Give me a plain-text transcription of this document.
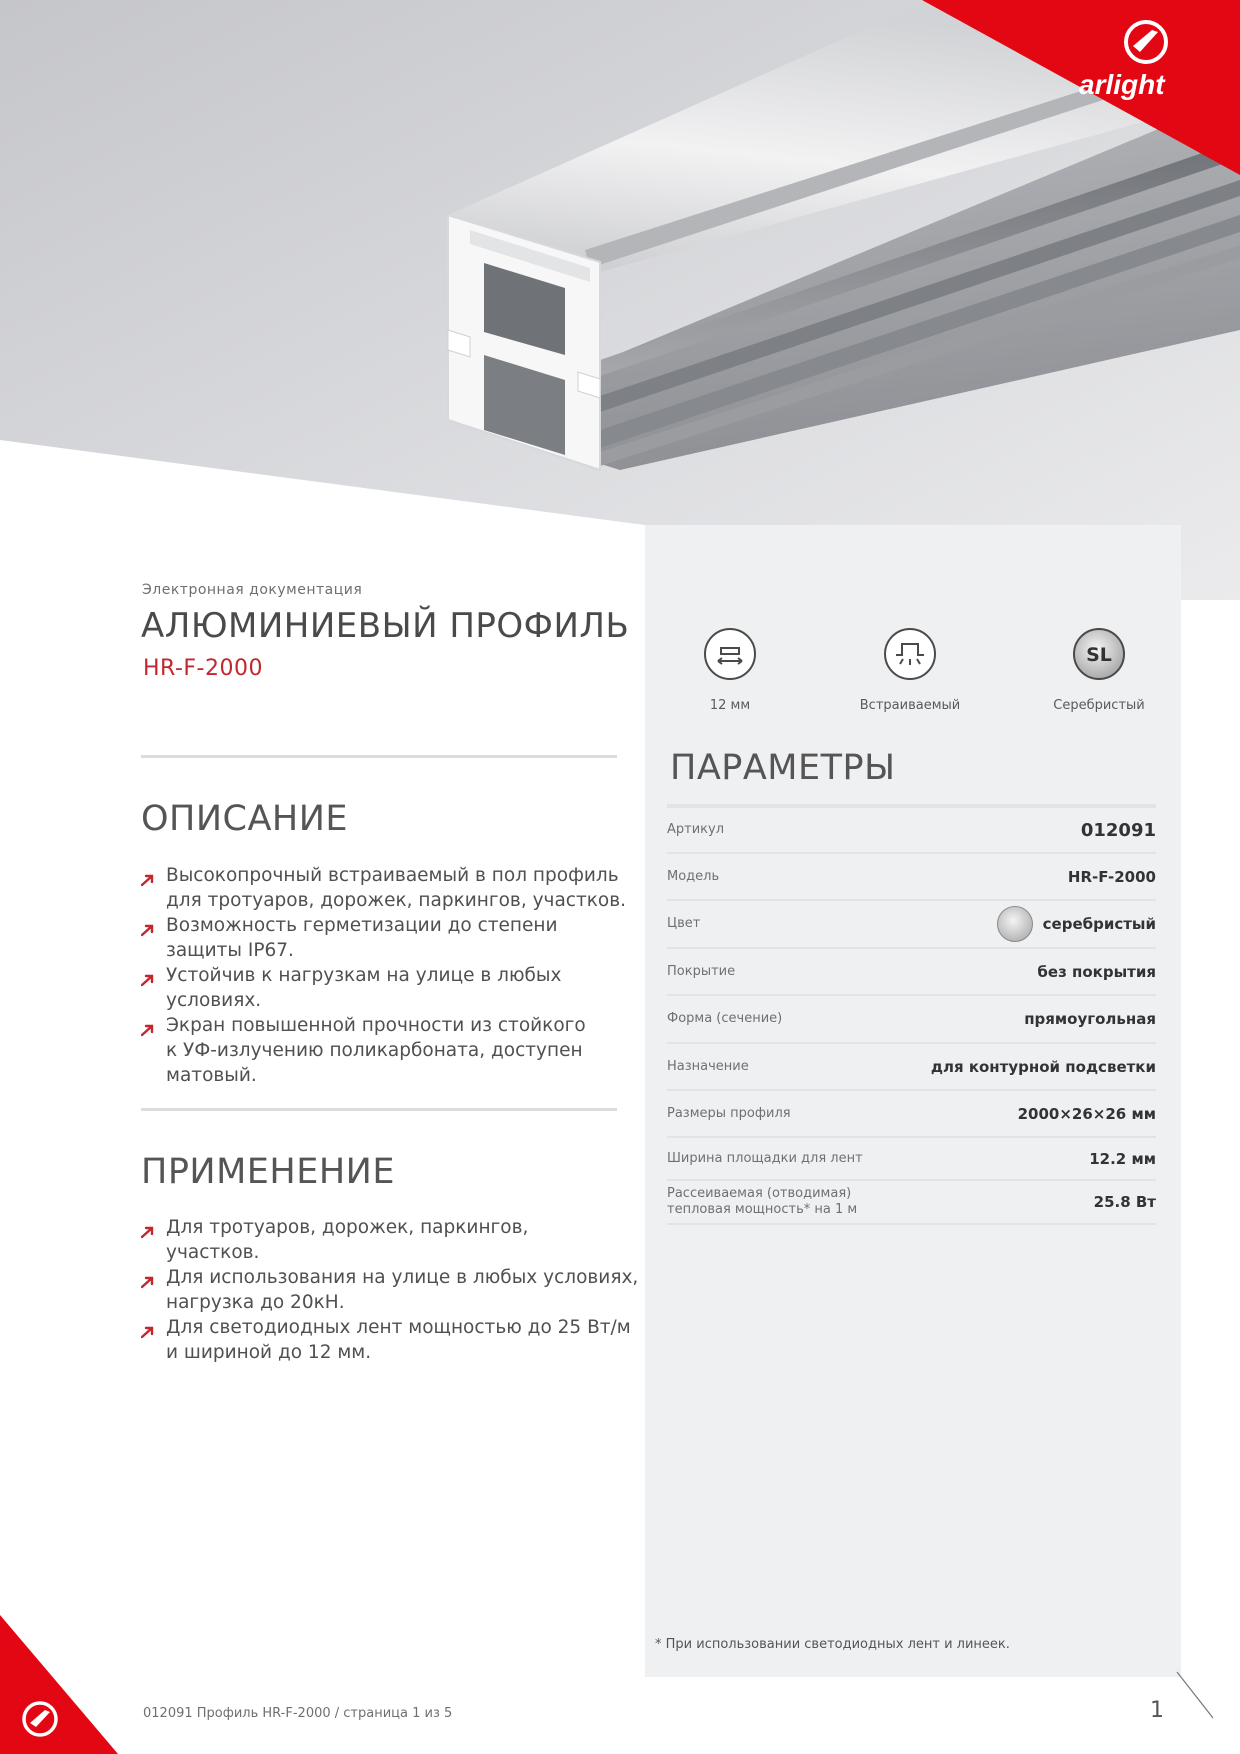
arlight
Электронная документация
АЛЮМИНИЕВЫЙ ПРОФИЛЬ
HR-F-2000
12 мм	Встраиваемый
SL
Серебристый
ОПИСАНИЕ
Высокопрочный встраиваемый в пол профиль
для тротуаров, дорожек, паркингов, участков.
Возможность герметизации до степени
защиты IP67.
Устойчив к нагрузкам на улице в любых условиях.
Экран повышенной прочности из стойкого
к УФ-излучению поликарбоната, доступен
матовый.
ПРИМЕНЕНИЕ
Для тротуаров, дорожек, паркингов,
участков.
Для использования на улице в любых условиях,
нагрузка до 20кН.
Для светодиодных лент мощностью до 25 Вт/м
и шириной до 12 мм.
ПАРАМЕТРЫ
Артикул	012091
Модель	HR-F-2000
Цвет	серебристый
Покрытие	без покрытия
Форма (сечение)	прямоугольная
Назначение	для контурной подсветки
Размеры профиля	2000×26×26 мм
Ширина площадки для лент	12.2 мм
Рассеиваемая (отводимая)
тепловая мощность* на 1 м	25.8 Вт
* При использовании светодиодных лент и линеек.
012091 Профиль HR-F-2000 / страница 1 из 5	1
